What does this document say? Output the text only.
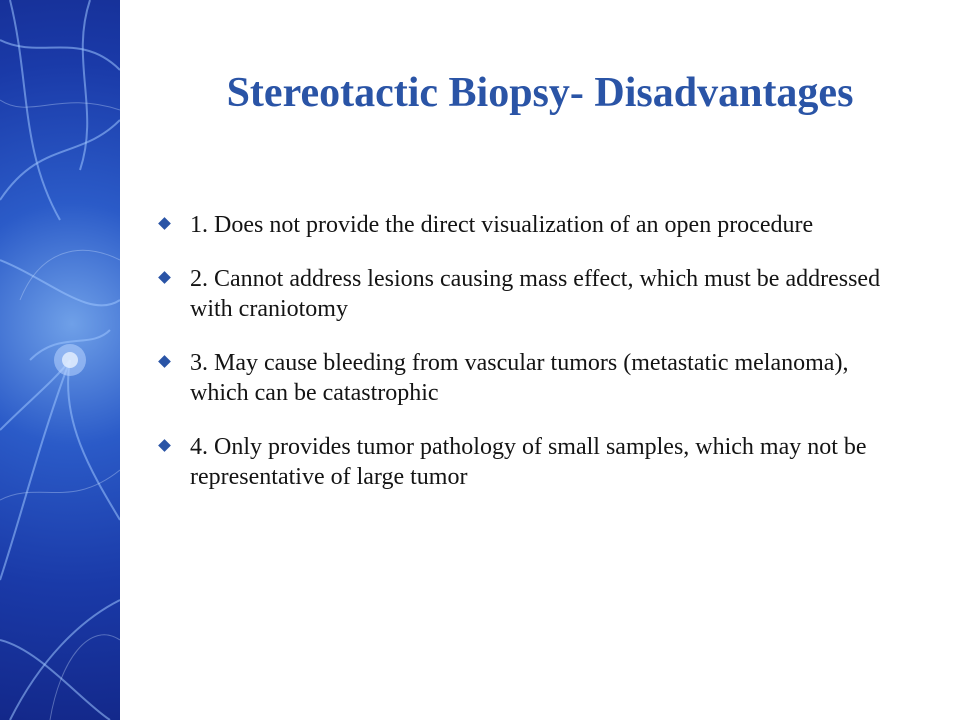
Stereotactic Biopsy- Disadvantages
1. Does not provide the direct visualization of an open procedure
2. Cannot address lesions causing mass effect, which must be addressed with craniotomy
3. May cause bleeding from vascular tumors (metastatic melanoma), which can be catastrophic
4. Only provides tumor pathology of small samples, which may not be representative of large tumor
